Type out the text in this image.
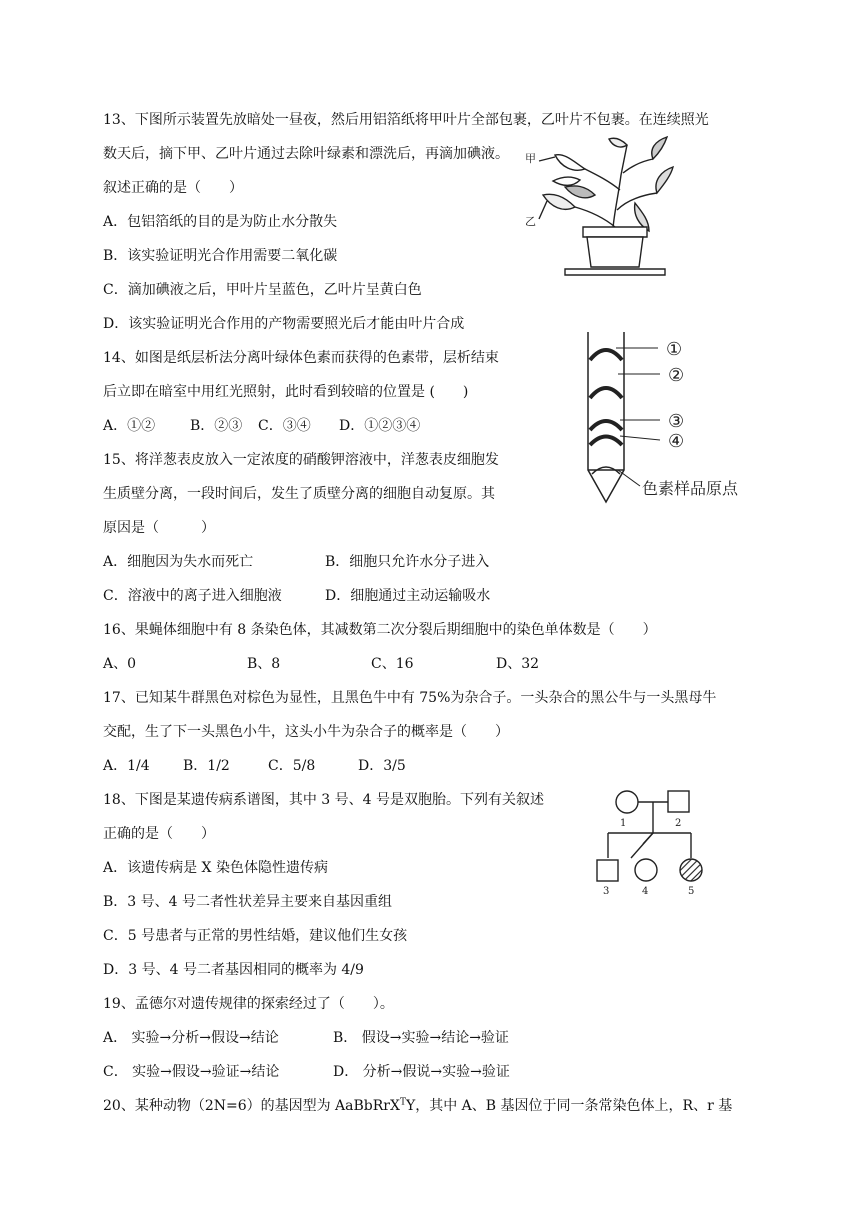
13、下图所示装置先放暗处一昼夜，然后用铝箔纸将甲叶片全部包裹，乙叶片不包裹。在连续照光
数天后，摘下甲、乙叶片通过去除叶绿素和漂洗后，再滴加碘液。
叙述正确的是（　　）
A．包铝箔纸的目的是为防止水分散失
B．该实验证明光合作用需要二氧化碳
C．滴加碘液之后，甲叶片呈蓝色，乙叶片呈黄白色
D．该实验证明光合作用的产物需要照光后才能由叶片合成
甲
乙
14、如图是纸层析法分离叶绿体色素而获得的色素带，层析结束
后立即在暗室中用红光照射，此时看到较暗的位置是 (　　)
A．①② B．②③ C．③④ D．①②③④
①
②
③
④
色素样品原点
15、将洋葱表皮放入一定浓度的硝酸钾溶液中，洋葱表皮细胞发
生质壁分离，一段时间后，发生了质壁分离的细胞自动复原。其
原因是（　　　）
A．细胞因为失水而死亡	B．细胞只允许水分子进入
C．溶液中的离子进入细胞液	D．细胞通过主动运输吸水
16、果蝇体细胞中有 8 条染色体，其减数第二次分裂后期细胞中的染色单体数是（　　）
A、0	B、8	C、16	D、32
17、已知某牛群黑色对棕色为显性，且黑色牛中有 75%为杂合子。一头杂合的黑公牛与一头黑母牛
交配，生了下一头黑色小牛，这头小牛为杂合子的概率是（　　）
A．1/4 B．1/2	C．5/8	D．3/5
18、下图是某遗传病系谱图，其中 3 号、4 号是双胞胎。下列有关叙述
正确的是（　　）
A．该遗传病是 X 染色体隐性遗传病
B．3 号、4 号二者性状差异主要来自基因重组
C．5 号患者与正常的男性结婚，建议他们生女孩
D．3 号、4 号二者基因相同的概率为 4/9
1	2
3	4	5
19、孟德尔对遗传规律的探索经过了（　　）。
A． 实验→分析→假设→结论	B． 假设→实验→结论→验证
C． 实验→假设→验证→结论	D． 分析→假说→实验→验证
20、某种动物（2N=6）的基因型为 AaBbRrX$^T$Y，其中 A、B 基因位于同一条常染色体上，R、r 基
